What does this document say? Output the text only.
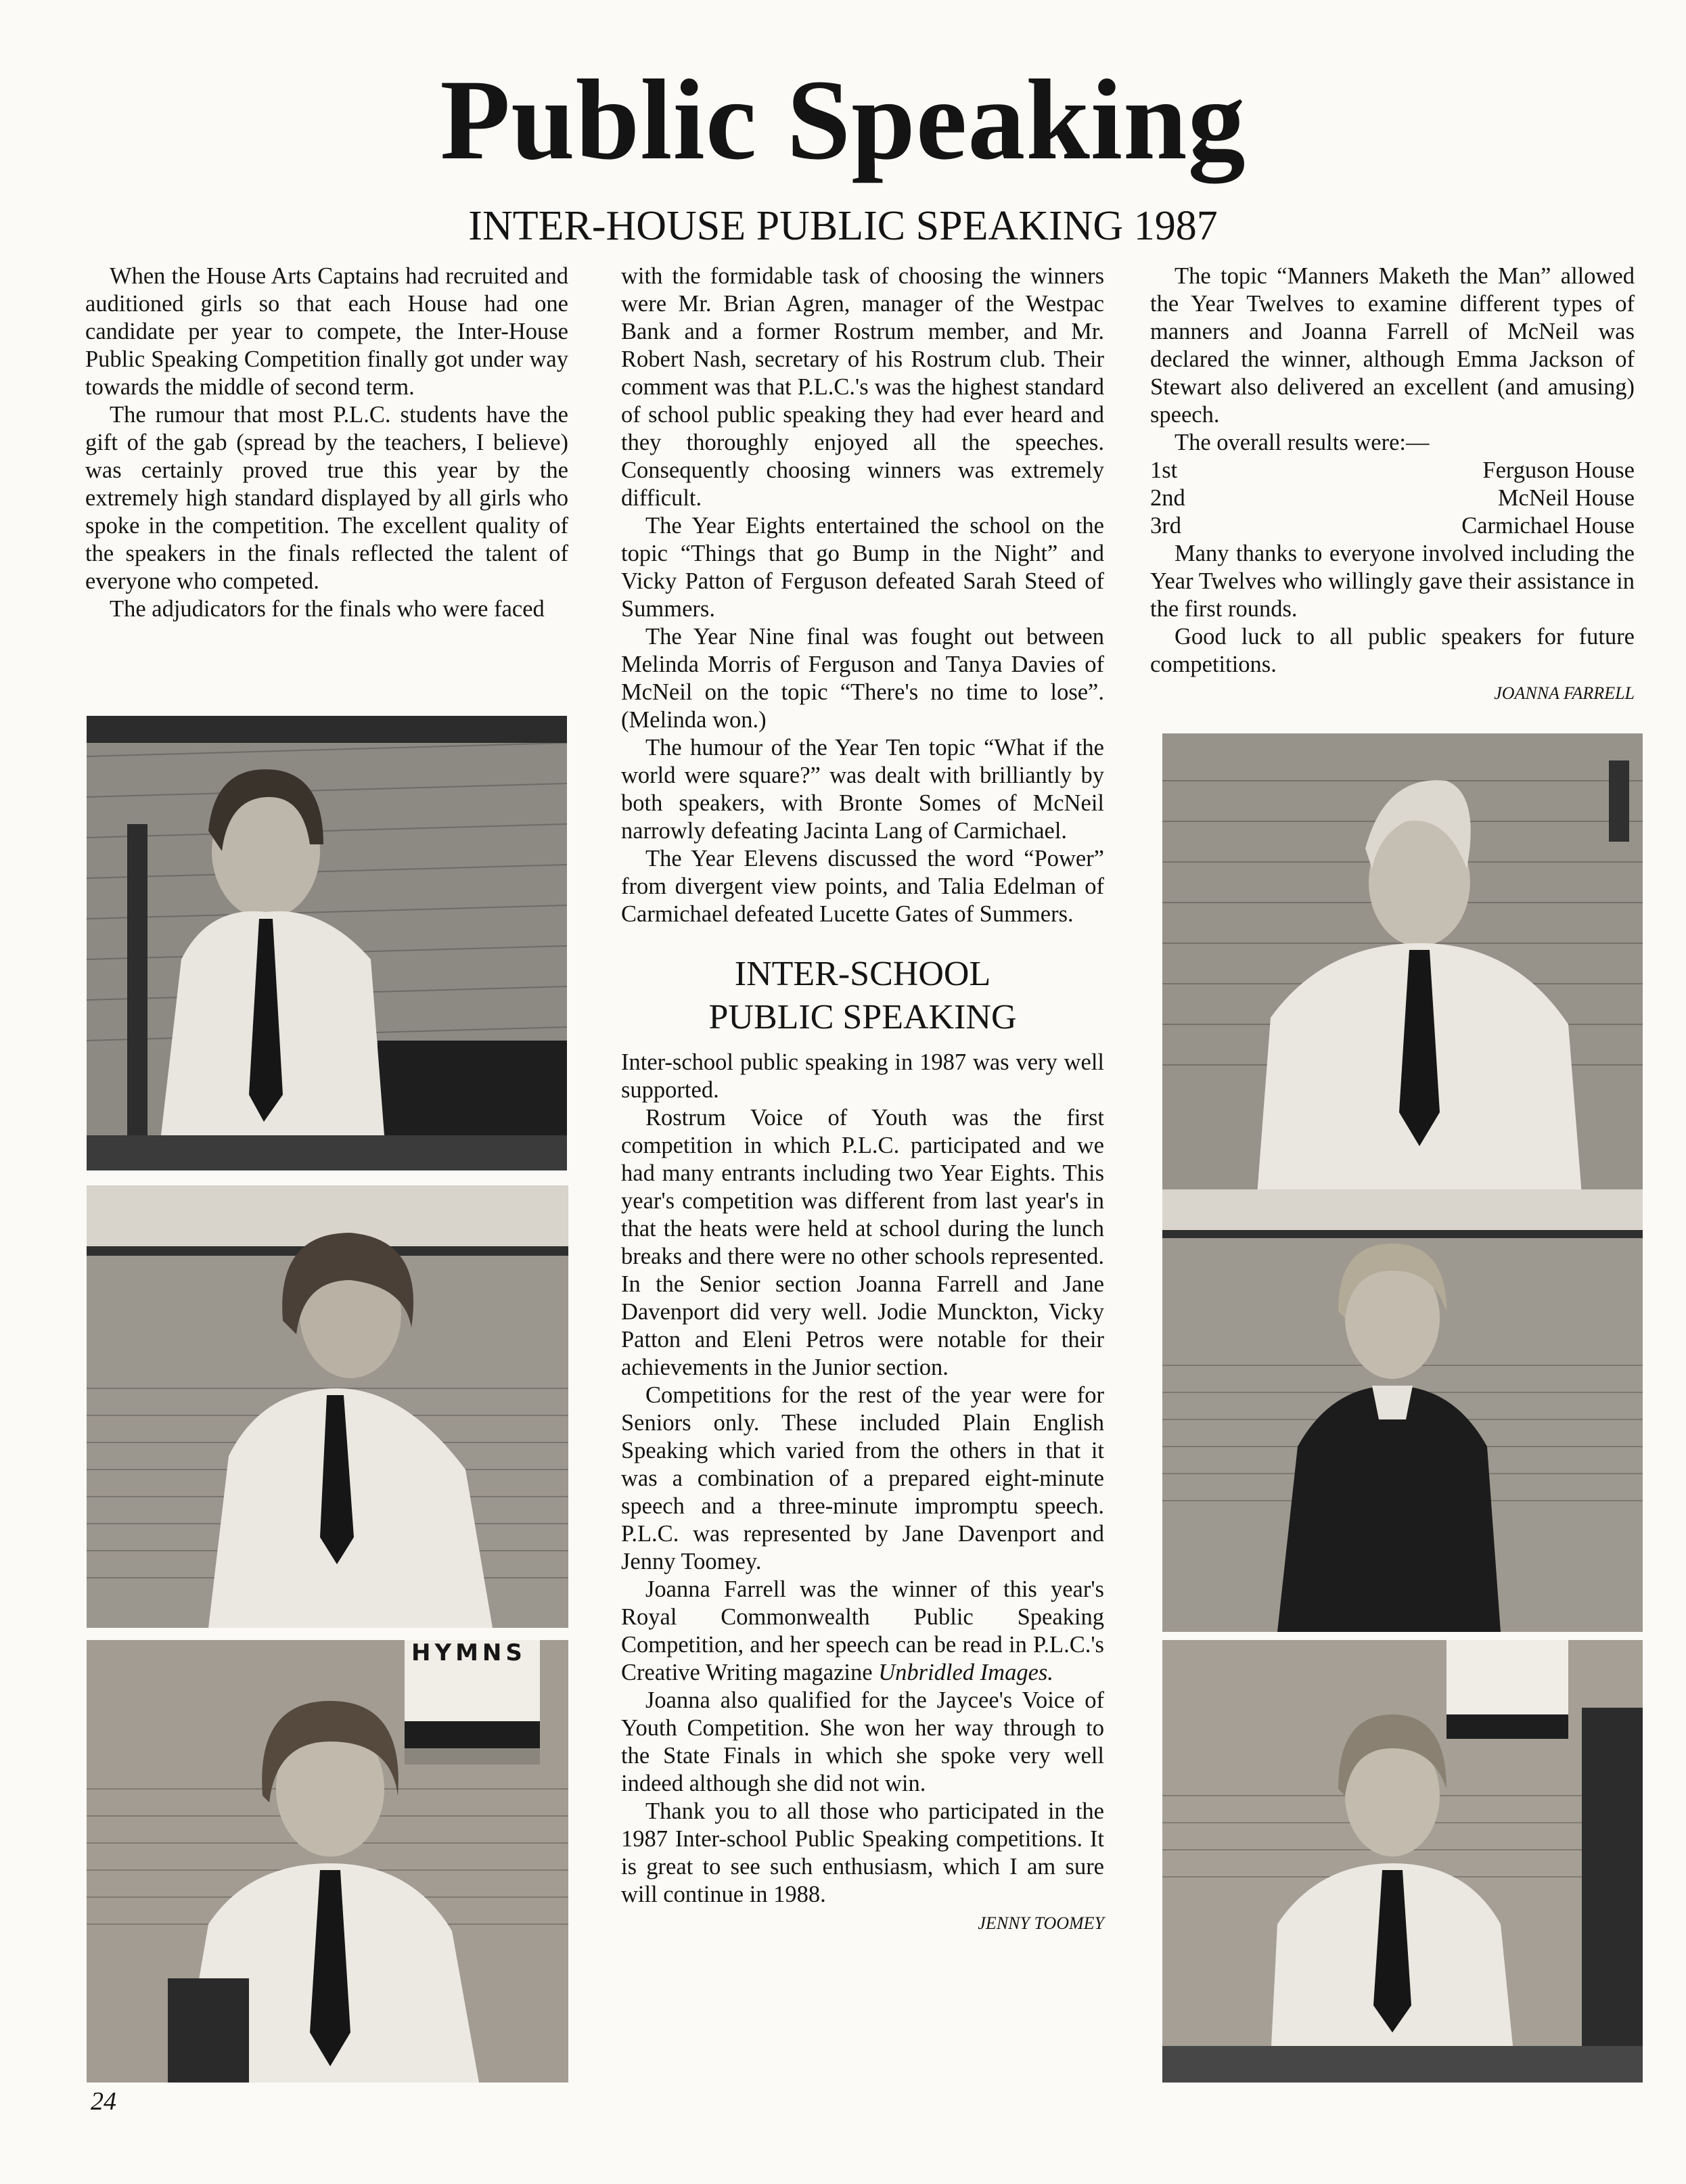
Public Speaking
INTER-HOUSE PUBLIC SPEAKING 1987

When the House Arts Captains had recruited and auditioned girls so that each House had one candidate per year to compete, the Inter-House Public Speaking Competition finally got under way towards the middle of second term.

The rumour that most P.L.C. students have the gift of the gab (spread by the teachers, I believe) was certainly proved true this year by the extremely high standard displayed by all girls who spoke in the competition. The excellent quality of the speakers in the finals reflected the talent of everyone who competed.

The adjudicators for the finals who were faced

with the formidable task of choosing the winners were Mr. Brian Agren, manager of the Westpac Bank and a former Rostrum member, and Mr. Robert Nash, secretary of his Rostrum club. Their comment was that P.L.C.'s was the highest standard of school public speaking they had ever heard and they thoroughly enjoyed all the speeches. Consequently choosing winners was extremely difficult.

The Year Eights entertained the school on the topic “Things that go Bump in the Night” and Vicky Patton of Ferguson defeated Sarah Steed of Summers.

The Year Nine final was fought out between Melinda Morris of Ferguson and Tanya Davies of McNeil on the topic “There's no time to lose”. (Melinda won.)

The humour of the Year Ten topic “What if the world were square?” was dealt with brilliantly by both speakers, with Bronte Somes of McNeil narrowly defeating Jacinta Lang of Carmichael.

The Year Elevens discussed the word “Power” from divergent view points, and Talia Edelman of Carmichael defeated Lucette Gates of Summers.

INTER-SCHOOL
PUBLIC SPEAKING

Inter-school public speaking in 1987 was very well supported.

Rostrum Voice of Youth was the first competition in which P.L.C. participated and we had many entrants including two Year Eights. This year's competition was different from last year's in that the heats were held at school during the lunch breaks and there were no other schools represented. In the Senior section Joanna Farrell and Jane Davenport did very well. Jodie Munckton, Vicky Patton and Eleni Petros were notable for their achievements in the Junior section.

Competitions for the rest of the year were for Seniors only. These included Plain English Speaking which varied from the others in that it was a combination of a prepared eight-minute speech and a three-minute impromptu speech. P.L.C. was represented by Jane Davenport and Jenny Toomey.

Joanna Farrell was the winner of this year's Royal Commonwealth Public Speaking Competition, and her speech can be read in P.L.C.'s Creative Writing magazine Unbridled Images.

Joanna also qualified for the Jaycee's Voice of Youth Competition. She won her way through to the State Finals in which she spoke very well indeed although she did not win.

Thank you to all those who participated in the 1987 Inter-school Public Speaking competitions. It is great to see such enthusiasm, which I am sure will continue in 1988.

JENNY TOOMEY

The topic “Manners Maketh the Man” allowed the Year Twelves to examine different types of manners and Joanna Farrell of McNeil was declared the winner, although Emma Jackson of Stewart also delivered an excellent (and amusing) speech.

The overall results were:—

1st	Ferguson House
2nd	McNeil House
3rd	Carmichael House

Many thanks to everyone involved including the Year Twelves who willingly gave their assistance in the first rounds.

Good luck to all public speakers for future competitions.

JOANNA FARRELL
HYMNS
24
